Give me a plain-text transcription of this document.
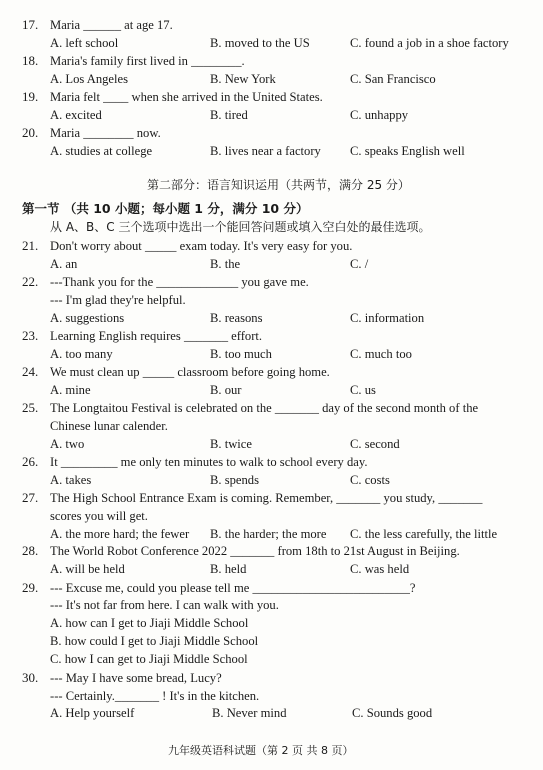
17. Maria ______ at age 17.
A. left school	B. moved to the US	C. found a job in a shoe factory
18. Maria's family first lived in ________.
A. Los Angeles	B. New York	C. San Francisco
19. Maria felt ____ when she arrived in the United States.
A. excited	B. tired	C. unhappy
20. Maria ________ now.
A. studies at college	B. lives near a factory C. speaks English well
第二部分：语言知识运用（共两节，满分 25 分）
第一节 （共 10 小题；每小题 1 分，满分 10 分）
从 A、B、C 三个选项中选出一个能回答问题或填入空白处的最佳选项。
21. Don't worry about _____ exam today. It's very easy for you.
A. an	B. the	C. /
22. ---Thank you for the _____________ you gave me.
--- I'm glad they're helpful.
A. suggestions	B. reasons	C. information
23. Learning English requires _______ effort.
A. too many	B. too much	C. much too
24. We must clean up _____ classroom before going home.
A. mine	B. our	C. us
25. The Longtaitou Festival is celebrated on the _______ day of the second month of the
Chinese lunar calender.
A. two	B. twice	C. second
26. It _________ me only ten minutes to walk to school every day.
A. takes	B. spends	C. costs
27. The High School Entrance Exam is coming. Remember, _______ you study, _______
scores you will get.
A. the more hard; the fewer B. the harder; the more C. the less carefully, the little
28. The World Robot Conference 2022 _______ from 18th to 21st August in Beijing.
A. will be held	B. held	C. was held
29. --- Excuse me, could you please tell me _________________________?
--- It's not far from here. I can walk with you.
A. how can I get to Jiaji Middle School
B. how could I get to Jiaji Middle School
C. how I can get to Jiaji Middle School
30. --- May I have some bread, Lucy?
--- Certainly._______ ! It's in the kitchen.
A. Help yourself	B. Never mind	C. Sounds good
九年级英语科试题（第 2 页 共 8 页）
